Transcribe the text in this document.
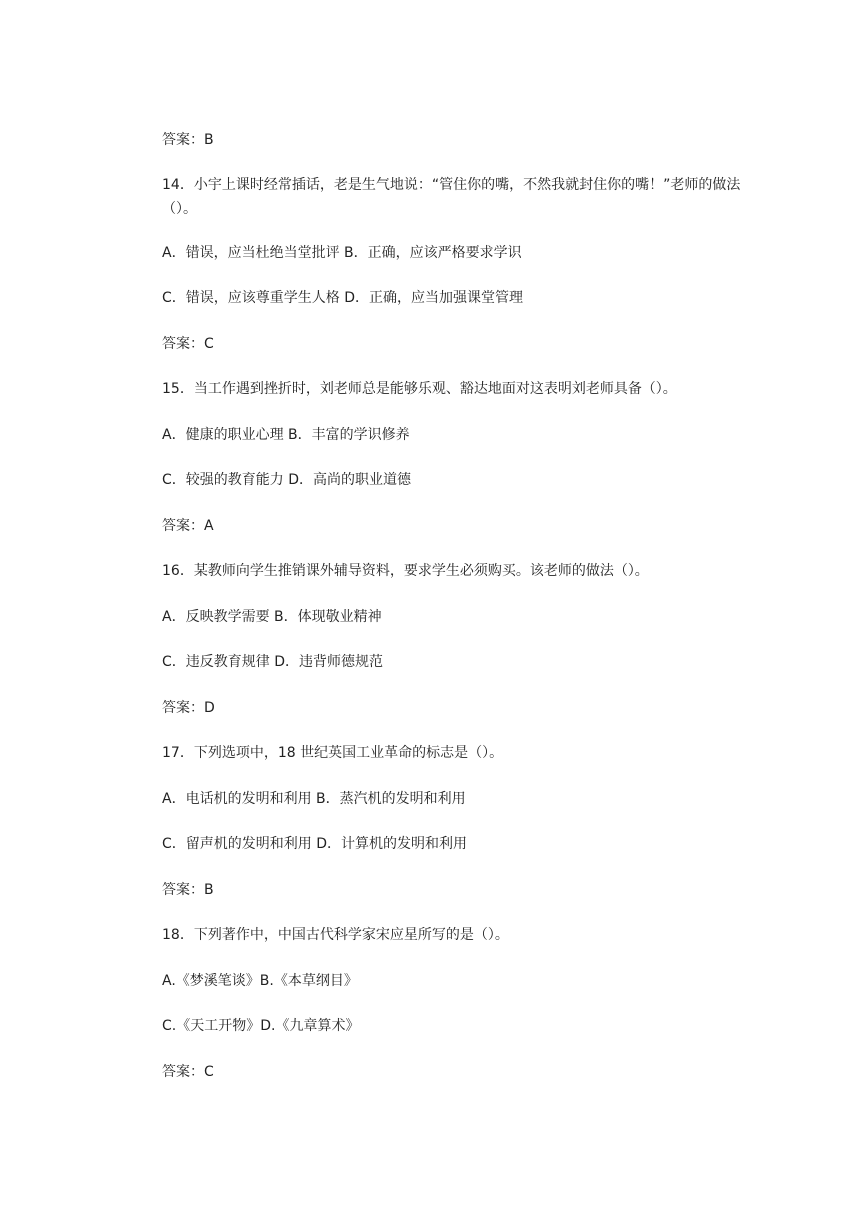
答案：B
14．小宇上课时经常插话，老是生气地说：“管住你的嘴，不然我就封住你的嘴！”老师的做法（）。
A．错误，应当杜绝当堂批评 B．正确，应该严格要求学识
C．错误，应该尊重学生人格 D．正确，应当加强课堂管理
答案：C
15．当工作遇到挫折时，刘老师总是能够乐观、豁达地面对这表明刘老师具备（）。
A．健康的职业心理 B．丰富的学识修养
C．较强的教育能力 D．高尚的职业道德
答案：A
16．某教师向学生推销课外辅导资料，要求学生必须购买。该老师的做法（）。
A．反映教学需要 B．体现敬业精神
C．违反教育规律 D．违背师德规范
答案：D
17．下列选项中，18 世纪英国工业革命的标志是（）。
A．电话机的发明和利用 B．蒸汽机的发明和利用
C．留声机的发明和利用 D．计算机的发明和利用
答案：B
18．下列著作中，中国古代科学家宋应星所写的是（）。
A.《梦溪笔谈》B.《本草纲目》
C.《天工开物》D.《九章算术》
答案：C
